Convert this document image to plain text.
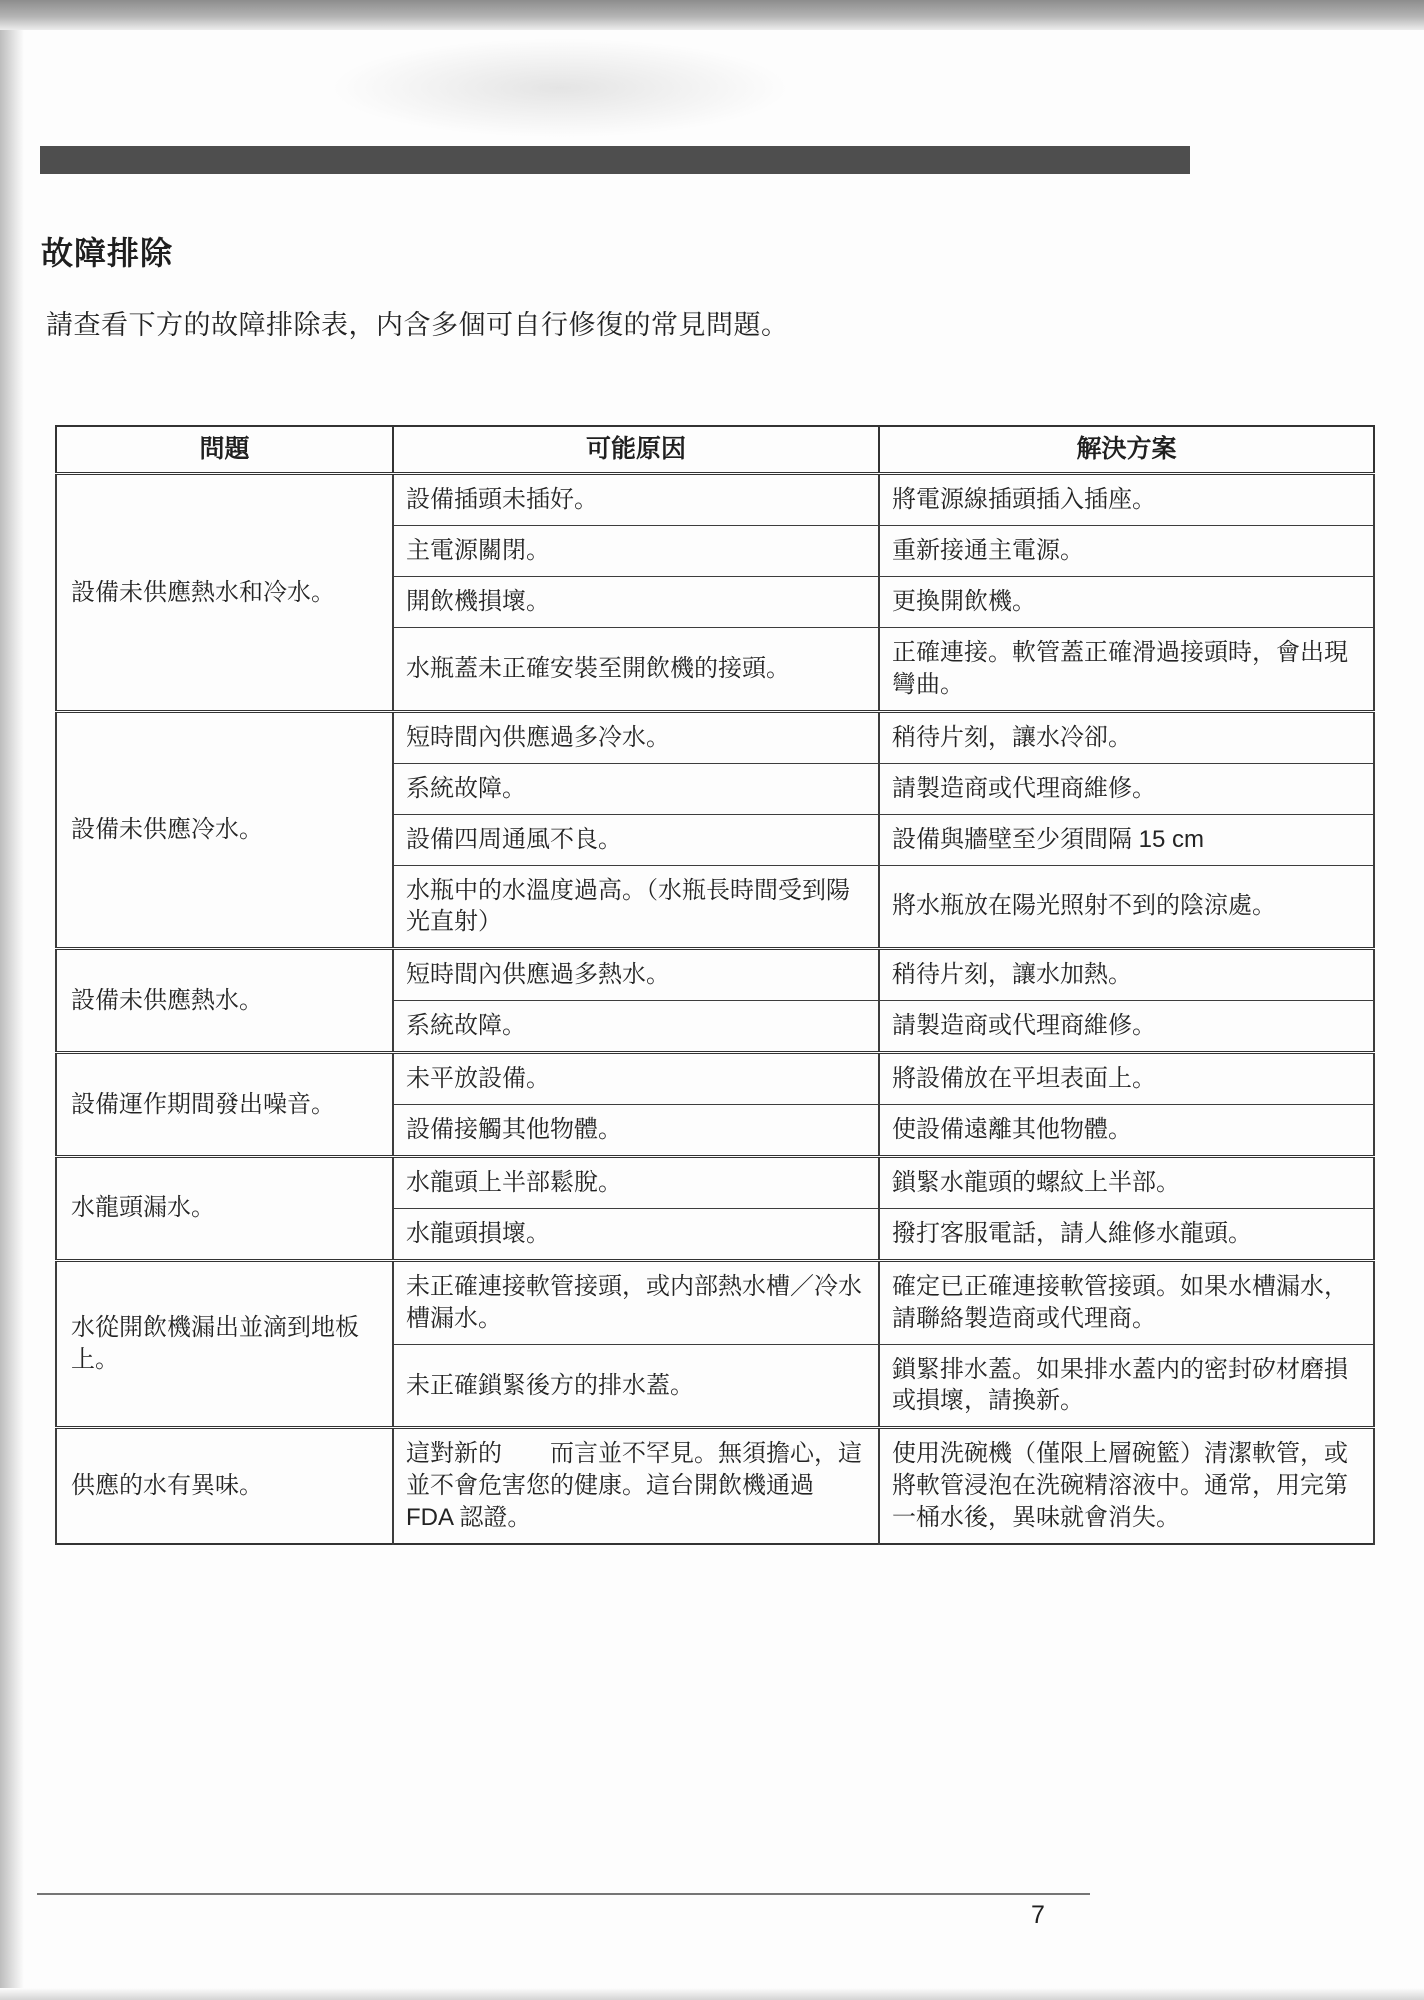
故障排除

請查看下方的故障排除表，内含多個可自行修復的常見問題。

問題	可能原因	解決方案
設備未供應熱水和冷水。	設備插頭未插好。	將電源線插頭插入插座。
	主電源關閉。	重新接通主電源。
	開飲機損壞。	更換開飲機。
	水瓶蓋未正確安裝至開飲機的接頭。	正確連接。軟管蓋正確滑過接頭時，會出現彎曲。
設備未供應冷水。	短時間內供應過多冷水。	稍待片刻，讓水冷卻。
	系統故障。	請製造商或代理商維修。
	設備四周通風不良。	設備與牆壁至少須間隔 15 cm
	水瓶中的水溫度過高。（水瓶長時間受到陽光直射）	將水瓶放在陽光照射不到的陰涼處。
設備未供應熱水。	短時間內供應過多熱水。	稍待片刻，讓水加熱。
	系統故障。	請製造商或代理商維修。
設備運作期間發出噪音。	未平放設備。	將設備放在平坦表面上。
	設備接觸其他物體。	使設備遠離其他物體。
水龍頭漏水。	水龍頭上半部鬆脫。	鎖緊水龍頭的螺紋上半部。
	水龍頭損壞。	撥打客服電話，請人維修水龍頭。
水從開飲機漏出並滴到地板上。	未正確連接軟管接頭，或内部熱水槽／冷水槽漏水。	確定已正確連接軟管接頭。如果水槽漏水，請聯絡製造商或代理商。
	未正確鎖緊後方的排水蓋。	鎖緊排水蓋。如果排水蓋内的密封矽材磨損或損壞，請換新。
供應的水有異味。	這對新的　　而言並不罕見。無須擔心，這並不會危害您的健康。這台開飲機通過 FDA 認證。	使用洗碗機（僅限上層碗籃）清潔軟管，或將軟管浸泡在洗碗精溶液中。通常，用完第一桶水後，異味就會消失。
7
